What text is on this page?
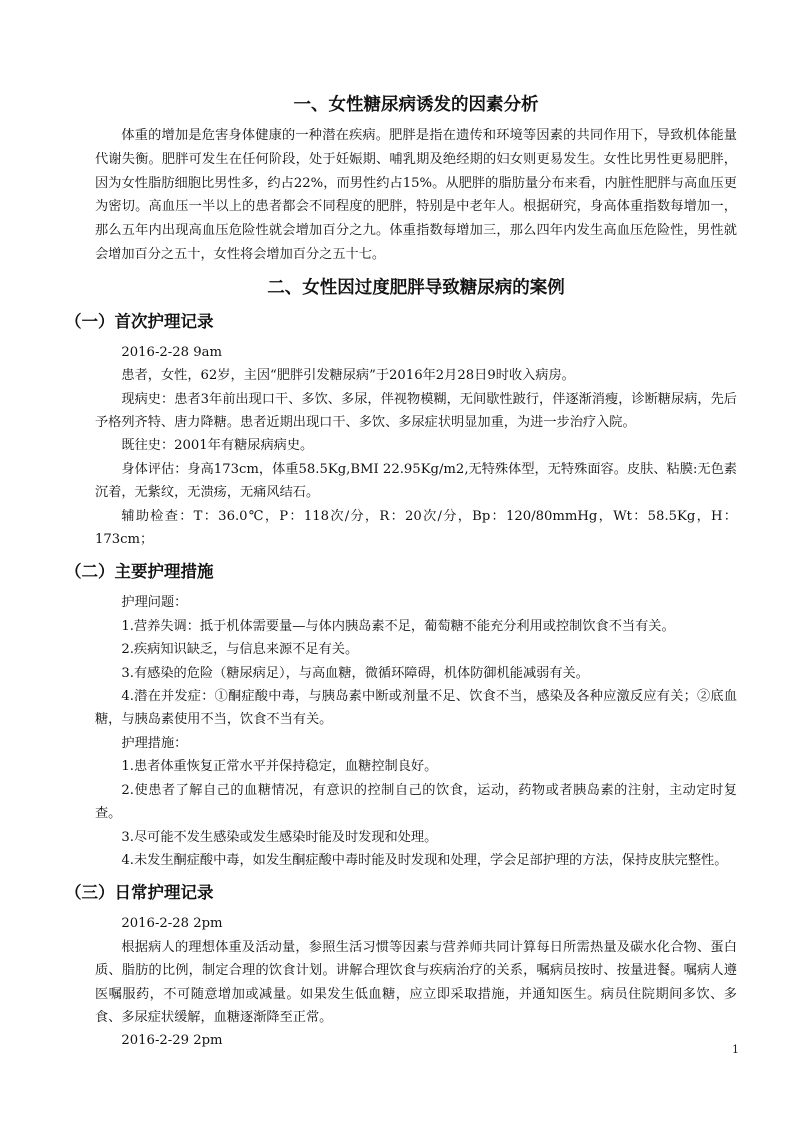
一、女性糖尿病诱发的因素分析

体重的增加是危害身体健康的一种潜在疾病。肥胖是指在遗传和环境等因素的共同作用下，导致机体能量代谢失衡。肥胖可发生在任何阶段，处于妊娠期、哺乳期及绝经期的妇女则更易发生。女性比男性更易肥胖，因为女性脂肪细胞比男性多，约占22%，而男性约占15%。从肥胖的脂肪量分布来看，内脏性肥胖与高血压更为密切。高血压一半以上的患者都会不同程度的肥胖，特别是中老年人。根据研究，身高体重指数每增加一，那么五年内出现高血压危险性就会增加百分之九。体重指数每增加三，那么四年内发生高血压危险性，男性就会增加百分之五十，女性将会增加百分之五十七。

二、女性因过度肥胖导致糖尿病的案例
（一）首次护理记录

2016-2-28 9am

患者，女性，62岁，主因“肥胖引发糖尿病”于2016年2月28日9时收入病房。

现病史：患者3年前出现口干、多饮、多尿，伴视物模糊，无间歇性跛行，伴逐渐消瘦，诊断糖尿病，先后予格列齐特、唐力降糖。患者近期出现口干、多饮、多尿症状明显加重，为进一步治疗入院。

既往史：2001年有糖尿病病史。

身体评估：身高173cm，体重58.5Kg,BMI 22.95Kg/m2,无特殊体型，无特殊面容。皮肤、粘膜:无色素沉着，无紫纹，无溃疡，无痛风结石。

辅助检查：T：36.0℃，P：118次/分，R：20次/分，Bp：120/80mmHg，Wt：58.5Kg，H：173cm；

（二）主要护理措施

护理问题：

1.营养失调：抵于机体需要量—与体内胰岛素不足，葡萄糖不能充分利用或控制饮食不当有关。

2.疾病知识缺乏，与信息来源不足有关。

3.有感染的危险（糖尿病足），与高血糖，微循环障碍，机体防御机能减弱有关。

4.潜在并发症：①酮症酸中毒，与胰岛素中断或剂量不足、饮食不当，感染及各种应激反应有关；②底血糖，与胰岛素使用不当，饮食不当有关。

护理措施：

1.患者体重恢复正常水平并保持稳定，血糖控制良好。

2.使患者了解自己的血糖情况，有意识的控制自己的饮食，运动，药物或者胰岛素的注射，主动定时复查。

3.尽可能不发生感染或发生感染时能及时发现和处理。

4.未发生酮症酸中毒，如发生酮症酸中毒时能及时发现和处理，学会足部护理的方法，保持皮肤完整性。

（三）日常护理记录

2016-2-28 2pm

根据病人的理想体重及活动量，参照生活习惯等因素与营养师共同计算每日所需热量及碳水化合物、蛋白质、脂肪的比例，制定合理的饮食计划。讲解合理饮食与疾病治疗的关系，嘱病员按时、按量进餐。嘱病人遵医嘱服药，不可随意增加或减量。如果发生低血糖，应立即采取措施，并通知医生。病员住院期间多饮、多食、多尿症状缓解，血糖逐渐降至正常。

2016-2-29 2pm

1
